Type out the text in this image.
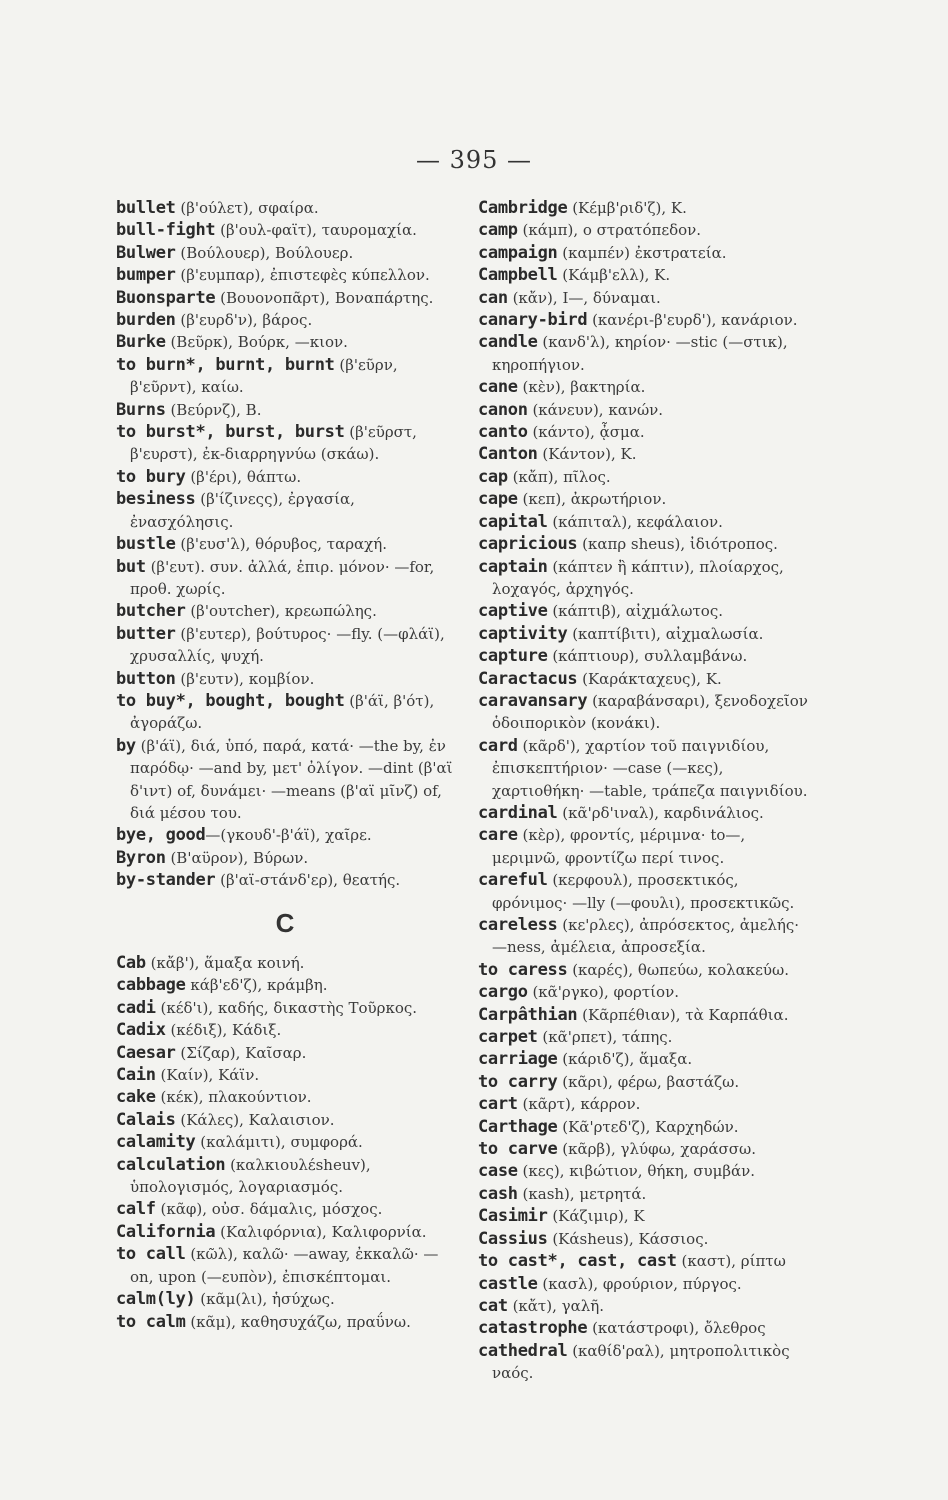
— 395 —

bullet (β'ούλετ), σφαίρα.

bull-fight (β'ουλ-φαϊτ), ταυρομαχία.

Bulwer (Βούλουερ), Βούλουερ.

bumper (β'ευμπαρ), ἐπιστεφὲς κύπελλον.

Buonsparte (Βουονοπᾶρτ), Βοναπάρτης.

burden (β'ευρδ'ν), βάρος.

Burke (Βεῦρκ), Βούρκ, —κιον.

to burn*, burnt, burnt (β'εῦρν, β'εῦρντ), καίω.

Burns (Βεύρνζ), Β.

to burst*, burst, burst (β'εῦρστ, β'ευρστ), ἐκ-διαρρηγνύω (σκάω).

to bury (β'έρι), θάπτω.

besiness (β'ίζινεςς), ἐργασία, ἐνασχόλησις.

bustle (β'ευσ'λ), θόρυβος, ταραχή.

but (β'ευτ). συν. ἀλλά, ἐπιρ. μόνον· —for, προθ. χωρίς.

butcher (β'ουτcher), κρεωπώλης.

butter (β'ευτερ), βούτυρος· —fly. (—φλάϊ), χρυσαλλίς, ψυχή.

button (β'ευτν), κομβίον.

to buy*, bought, bought (β'άϊ, β'ότ), ἀγοράζω.

by (β'άϊ), διά, ὑπό, παρά, κατά· —the by, ἐν παρόδῳ· —and by, μετ' ὀλίγον. —dint (β'αϊ δ'ιντ) of, δυνάμει· —means (β'αϊ μῖνζ) of, διά μέσου του.

bye, good—(γκουδ'-β'άϊ), χαῖρε.

Byron (Β'αϋρον), Βύρων.

by-stander (β'αϊ-στάνδ'ερ), θεατής.

C

Cab (κἄβ'), ἅμαξα κοινή.

cabbage κάβ'εδ'ζ), κράμβη.

cadi (κέδ'ι), καδής, δικαστὴς Τοῦρκος.

Cadix (κέδιξ), Κάδιξ.

Caesar (Σίζαρ), Καῖσαρ.

Cain (Καίν), Κάϊν.

cake (κέκ), πλακούντιον.

Calais (Κάλες), Καλαισιον.

calamity (καλάμιτι), συμφορά.

calculation (καλκιουλέsheuv), ὑπολογισμός, λογαριασμός.

calf (κᾶφ), οὐσ. δάμαλις, μόσχος.

California (Καλιφόρνια), Καλιφορνία.

to call (κῶλ), καλῶ· —away, ἐκκαλῶ· —on, upon (—ευπὸν), ἐπισκέπτομαι.

calm(ly) (κᾶμ(λι), ἡσύχως.

to calm (κᾶμ), καθησυχάζω, πραΰνω.

Cambridge (Κέμβ'ριδ'ζ), Κ.

camp (κάμπ), ο στρατόπεδον.

campaign (καμπέν) ἐκστρατεία.

Campbell (Κάμβ'ελλ), Κ.

can (κἄν), Ι—, δύναμαι.

canary-bird (κανέρι-β'ευρδ'), κανάριον.

candle (κανδ'λ), κηρίον· —stic (—στικ), κηροπήγιον.

cane (κὲν), βακτηρία.

canon (κάνευν), κανών.

canto (κάντο), ᾆσμα.

Canton (Κάντον), Κ.

cap (κἄπ), πῖλος.

cape (κεπ), ἀκρωτήριον.

capital (κάπιταλ), κεφάλαιον.

capricious (καπρ sheus), ἰδιότροπος.

captain (κάπτεν ἢ κάπτιν), πλοίαρχος, λοχαγός, ἀρχηγός.

captive (κάπτιβ), αἰχμάλωτος.

captivity (καπτίβιτι), αἰχμαλωσία.

capture (κάπτιουρ), συλλαμβάνω.

Caractacus (Καράκταχευς), Κ.

caravansary (καραβάνσαρι), ξενοδοχεῖον ὁδοιπορικὸν (κονάκι).

card (κᾶρδ'), χαρτίον τοῦ παιγνιδίου, ἐπισκεπτήριον· —case (—κες), χαρτιοθήκη· —table, τράπεζα παιγνιδίου.

cardinal (κᾶ'ρδ'ιναλ), καρδινάλιος.

care (κὲρ), φροντίς, μέριμνα· to—, μεριμνῶ, φροντίζω περί τινος.

careful (κερφουλ), προσεκτικός, φρόνιμος· —lly (—φουλι), προσεκτικῶς.

careless (κε'ρλες), ἀπρόσεκτος, ἀμελής· —ness, ἀμέλεια, ἀπροσεξία.

to caress (καρές), θωπεύω, κολακεύω.

cargo (κᾶ'ργκο), φορτίον.

Carpâthian (Κᾶρπέθιαν), τὰ Καρπάθια.

carpet (κᾶ'ρπετ), τάπης.

carriage (κάριδ'ζ), ἅμαξα.

to carry (κᾶρι), φέρω, βαστάζω.

cart (κᾶρτ), κάρρον.

Carthage (Κᾶ'ρτεδ'ζ), Καρχηδών.

to carve (κᾶρβ), γλύφω, χαράσσω.

case (κες), κιβώτιον, θήκη, συμβάν.

cash (κash), μετρητά.

Casimir (Κάζιμιρ), Κ

Cassius (Κάsheus), Κάσσιος.

to cast*, cast, cast (καστ), ρίπτω

castle (κασλ), φρούριον, πύργος.

cat (κἄτ), γαλῆ.

catastrophe (κατάστροφι), ὄλεθρος

cathedral (καθίδ'ραλ), μητροπολιτικὸς ναός.
